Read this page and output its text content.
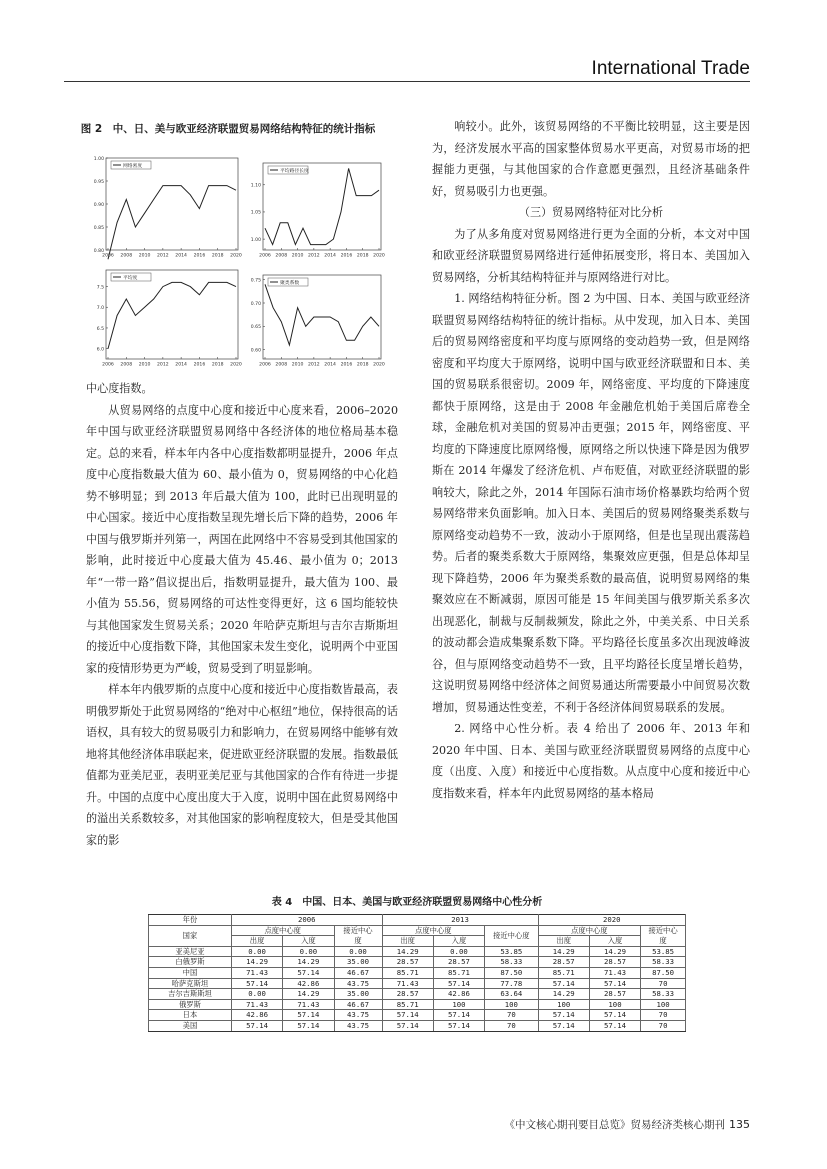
International Trade
图 2　中、日、美与欧亚经济联盟贸易网络结构特征的统计指标
1.00
0.95
0.90
0.85
0.80
2006 2008 2010 2012 2014 2016 2018 2020
网络密度
1.10
1.05
1.00
2006 2008 2010 2012 2014 2016 2018 2020
平均路径长度
7.5
7.0
6.5
6.0
2006 2008 2010 2012 2014 2016 2018 2020
平均度	0.75
0.70
0.65
0.60
2006 2008 2010 2012 2014 2016 2018 2020
聚类系数

中心度指数。

从贸易网络的点度中心度和接近中心度来看，2006–2020 年中国与欧亚经济联盟贸易网络中各经济体的地位格局基本稳定。总的来看，样本年内各中心度指数都明显提升，2006 年点度中心度指数最大值为 60、最小值为 0，贸易网络的中心化趋势不够明显；到 2013 年后最大值为 100，此时已出现明显的中心国家。接近中心度指数呈现先增长后下降的趋势，2006 年中国与俄罗斯并列第一，两国在此网络中不容易受到其他国家的影响，此时接近中心度最大值为 45.46、最小值为 0；2013 年“一带一路”倡议提出后，指数明显提升，最大值为 100、最小值为 55.56，贸易网络的可达性变得更好，这 6 国均能较快与其他国家发生贸易关系；2020 年哈萨克斯坦与吉尔吉斯斯坦的接近中心度指数下降，其他国家未发生变化，说明两个中亚国家的疫情形势更为严峻，贸易受到了明显影响。

样本年内俄罗斯的点度中心度和接近中心度指数皆最高，表明俄罗斯处于此贸易网络的“绝对中心枢纽”地位，保持很高的话语权，具有较大的贸易吸引力和影响力，在贸易网络中能够有效地将其他经济体串联起来，促进欧亚经济联盟的发展。指数最低值都为亚美尼亚，表明亚美尼亚与其他国家的合作有待进一步提升。中国的点度中心度出度大于入度，说明中国在此贸易网络中的溢出关系数较多，对其他国家的影响程度较大，但是受其他国家的影

响较小。此外，该贸易网络的不平衡比较明显，这主要是因为，经济发展水平高的国家整体贸易水平更高，对贸易市场的把握能力更强，与其他国家的合作意愿更强烈，且经济基础条件好，贸易吸引力也更强。

（三）贸易网络特征对比分析

为了从多角度对贸易网络进行更为全面的分析，本文对中国和欧亚经济联盟贸易网络进行延伸拓展变形，将日本、美国加入贸易网络，分析其结构特征并与原网络进行对比。

1. 网络结构特征分析。图 2 为中国、日本、美国与欧亚经济联盟贸易网络结构特征的统计指标。从中发现，加入日本、美国后的贸易网络密度和平均度与原网络的变动趋势一致，但是网络密度和平均度大于原网络，说明中国与欧亚经济联盟和日本、美国的贸易联系很密切。2009 年，网络密度、平均度的下降速度都快于原网络，这是由于 2008 年金融危机始于美国后席卷全球，金融危机对美国的贸易冲击更强；2015 年，网络密度、平均度的下降速度比原网络慢，原网络之所以快速下降是因为俄罗斯在 2014 年爆发了经济危机、卢布贬值，对欧亚经济联盟的影响较大，除此之外，2014 年国际石油市场价格暴跌均给两个贸易网络带来负面影响。加入日本、美国后的贸易网络聚类系数与原网络变动趋势不一致，波动小于原网络，但是也呈现出震荡趋势。后者的聚类系数大于原网络，集聚效应更强，但是总体却呈现下降趋势，2006 年为聚类系数的最高值，说明贸易网络的集聚效应在不断减弱，原因可能是 15 年间美国与俄罗斯关系多次出现恶化，制裁与反制裁频发，除此之外，中美关系、中日关系的波动都会造成集聚系数下降。平均路径长度虽多次出现波峰波谷，但与原网络变动趋势不一致，且平均路径长度呈增长趋势，这说明贸易网络中经济体之间贸易通达所需要最小中间贸易次数增加，贸易通达性变差，不利于各经济体间贸易联系的发展。

2. 网络中心性分析。表 4 给出了 2006 年、2013 年和 2020 年中国、日本、美国与欧亚经济联盟贸易网络的点度中心度（出度、入度）和接近中心度指数。从点度中心度和接近中心度指数来看，样本年内此贸易网络的基本格局

表 4　中国、日本、美国与欧亚经济联盟贸易网络中心性分析
年份	2006			2013			2020		
国家	点度中心度		接近中心度	点度中心度		接近中心度	点度中心度		接近中心度
	出度	入度		出度	入度		出度	入度	
亚美尼亚	0.00	0.00	0.00	14.29	0.00	53.85	14.29	14.29	53.85
白俄罗斯	14.29	14.29	35.00	28.57	28.57	58.33	28.57	28.57	58.33
中国	71.43	57.14	46.67	85.71	85.71	87.50	85.71	71.43	87.50
哈萨克斯坦	57.14	42.86	43.75	71.43	57.14	77.78	57.14	57.14	70
吉尔吉斯斯坦	0.00	14.29	35.00	28.57	42.86	63.64	14.29	28.57	58.33
俄罗斯	71.43	71.43	46.67	85.71	100	100	100	100	100
日本	42.86	57.14	43.75	57.14	57.14	70	57.14	57.14	70
美国	57.14	57.14	43.75	57.14	57.14	70	57.14	57.14	70
《中文核心期刊要目总览》贸易经济类核心期刊 135
